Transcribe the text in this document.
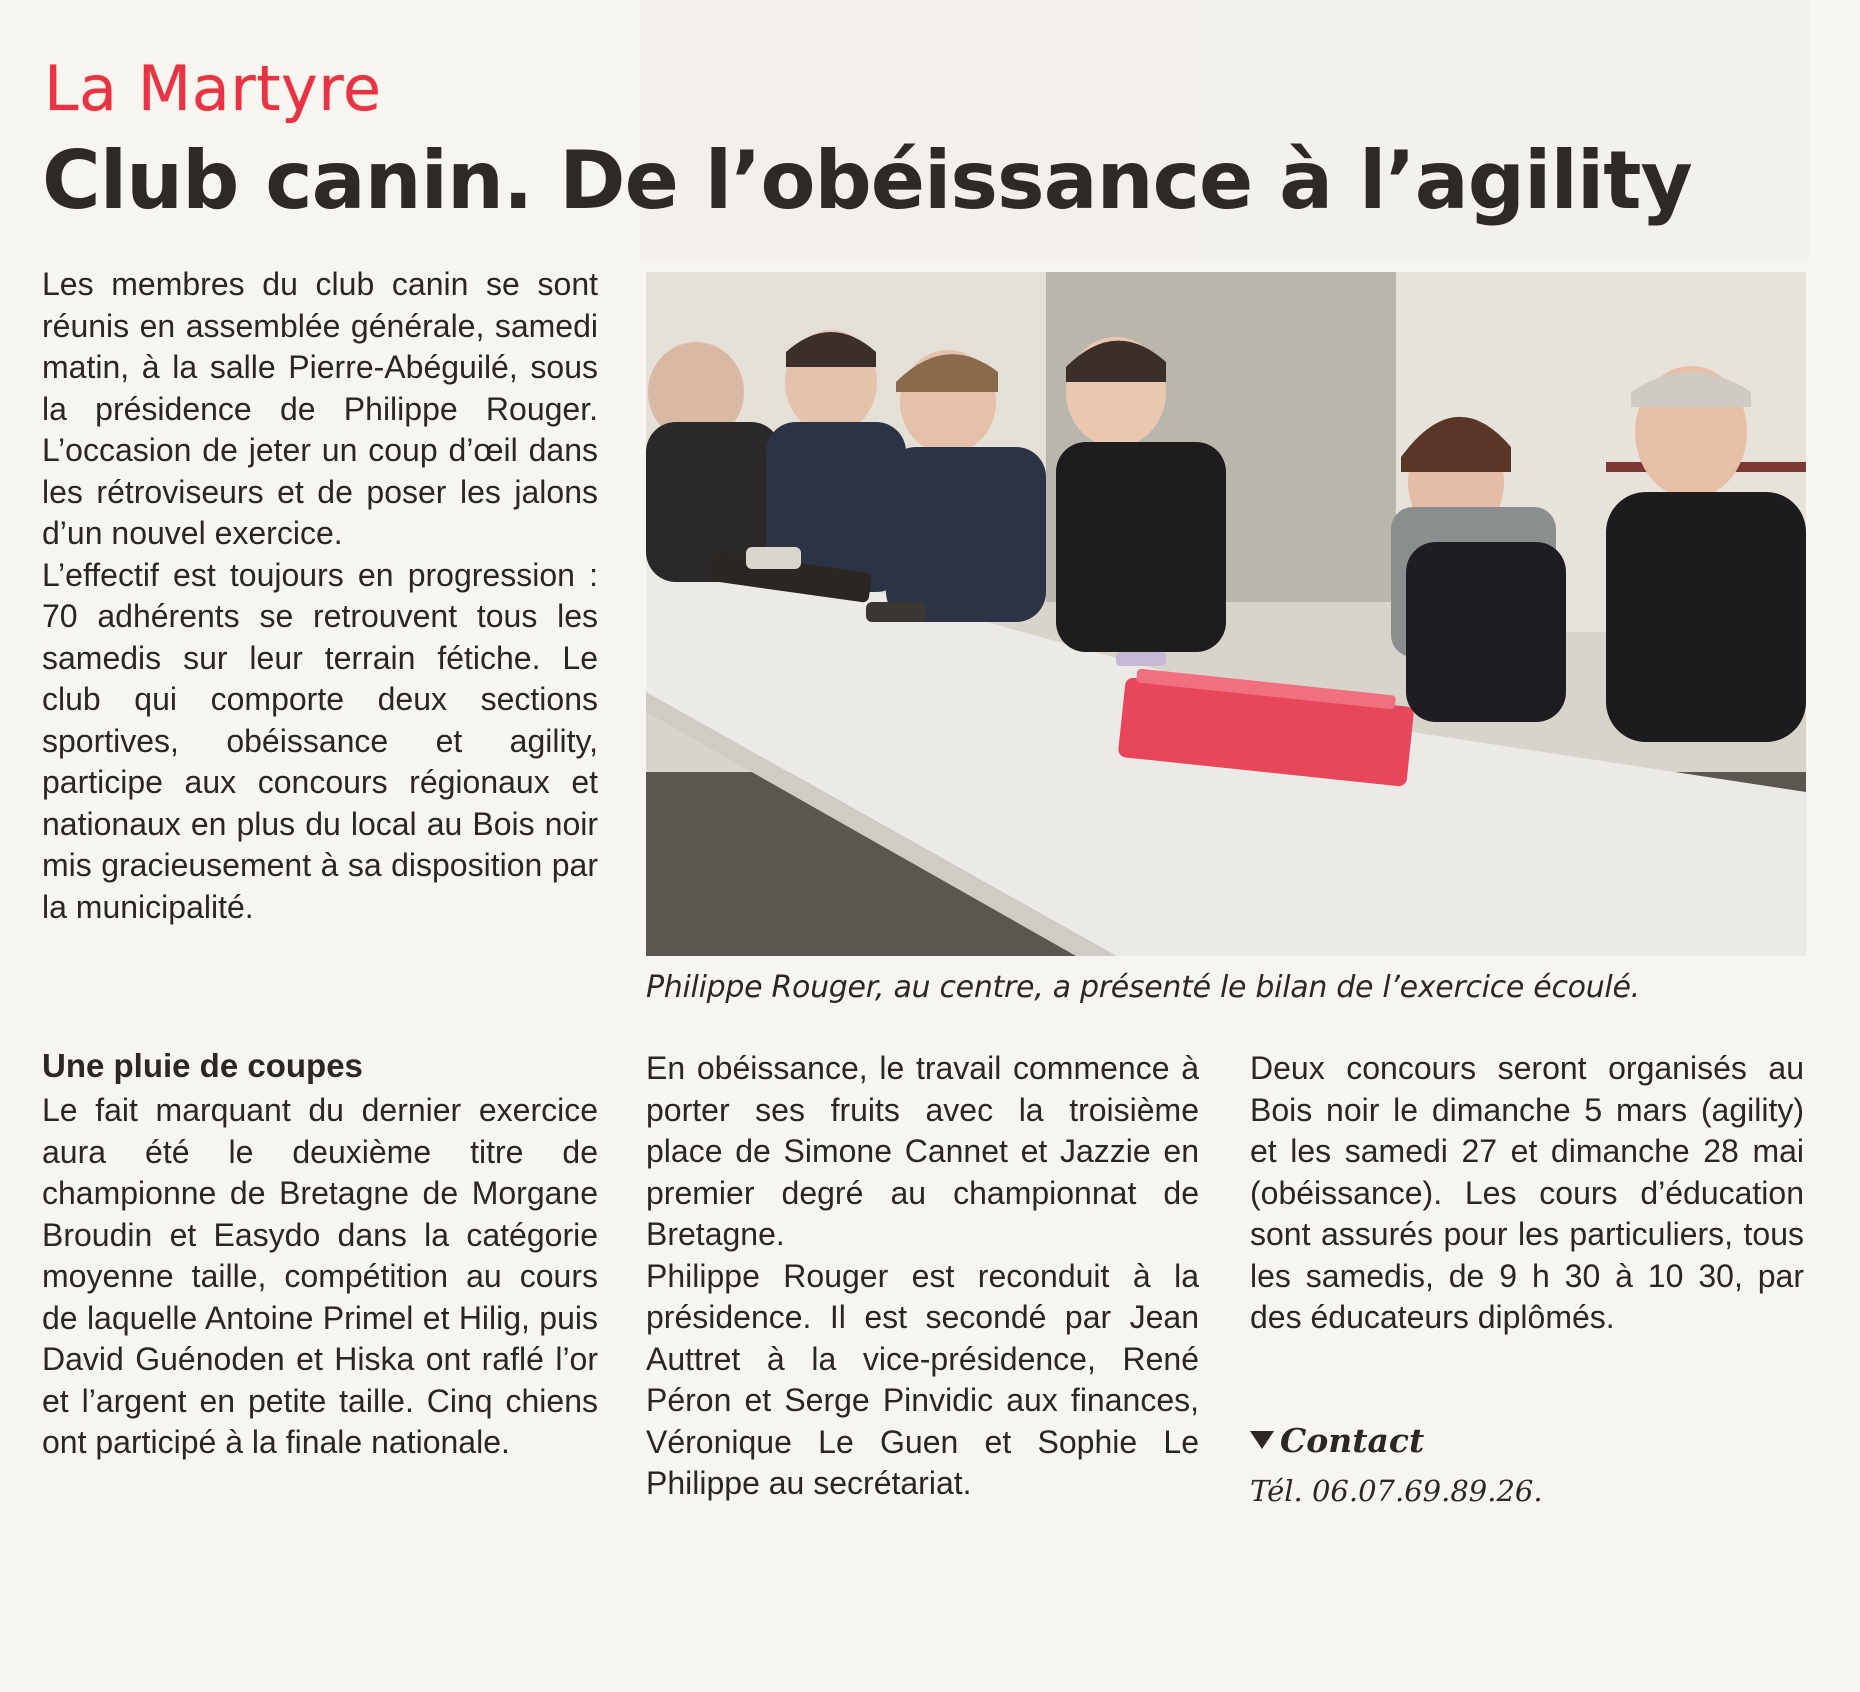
La Martyre
Club canin. De l’obéissance à l’agility

Les membres du club canin se sont réunis en assemblée générale, samedi matin, à la salle Pierre-Abéguilé, sous la présidence de Philippe Rouger. L’occasion de jeter un coup d’œil dans les rétroviseurs et de poser les jalons d’un nouvel exercice.

L’effectif est toujours en progression : 70 adhérents se retrouvent tous les samedis sur leur terrain fétiche. Le club qui comporte deux sections sportives, obéissance et agility, participe aux concours régionaux et nationaux en plus du local au Bois noir mis gracieusement à sa disposition par la municipalité.

Une pluie de coupes

Le fait marquant du dernier exercice aura été le deuxième titre de championne de Bretagne de Morgane Broudin et Easydo dans la catégorie moyenne taille, compétition au cours de laquelle Antoine Primel et Hilig, puis David Guénoden et Hiska ont raflé l’or et l’argent en petite taille. Cinq chiens ont participé à la finale nationale.

Philippe Rouger, au centre, a présenté le bilan de l’exercice écoulé.

En obéissance, le travail commence à porter ses fruits avec la troisième place de Simone Cannet et Jazzie en premier degré au championnat de Bretagne.

Philippe Rouger est reconduit à la présidence. Il est secondé par Jean Auttret à la vice-présidence, René Péron et Serge Pinvidic aux finances, Véronique Le Guen et Sophie Le Philippe au secrétariat.

Deux concours seront organisés au Bois noir le dimanche 5 mars (agility) et les samedi 27 et dimanche 28 mai (obéissance). Les cours d’éducation sont assurés pour les particuliers, tous les samedis, de 9 h 30 à 10 30, par des éducateurs diplômés.

Contact
Tél. 06.07.69.89.26.
